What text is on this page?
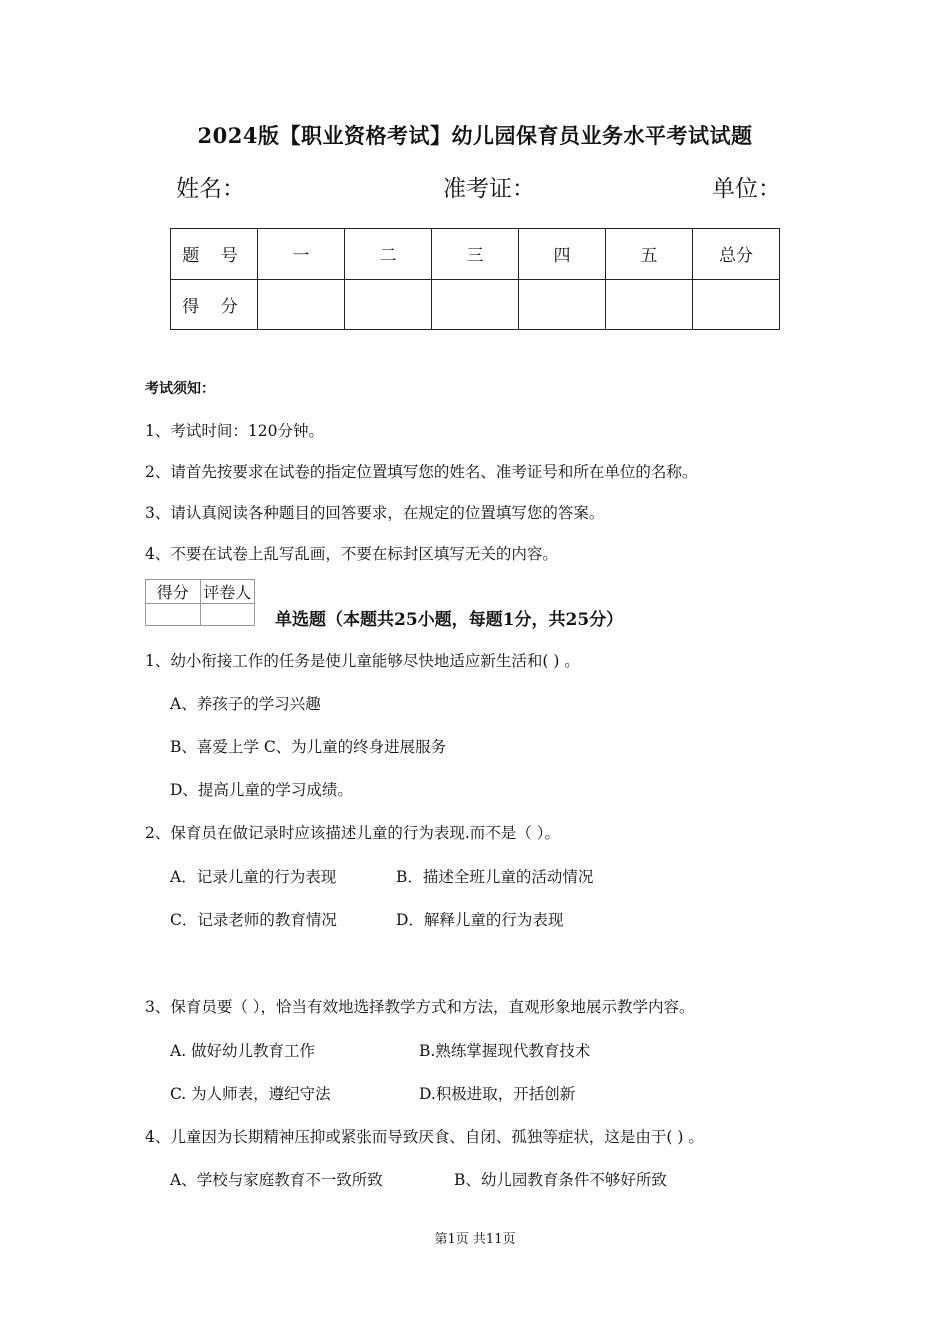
2024版【职业资格考试】幼儿园保育员业务水平考试试题
姓名：	准考证：	单位：
题 号	一	二	三	四	五	总分
得 分						
考试须知：
1、考试时间：120分钟。
2、请首先按要求在试卷的指定位置填写您的姓名、准考证号和所在单位的名称。
3、请认真阅读各种题目的回答要求，在规定的位置填写您的答案。
4、不要在试卷上乱写乱画，不要在标封区填写无关的内容。
得分	评卷人

单选题（本题共25小题，每题1分，共25分）
1、幼小衔接工作的任务是使儿童能够尽快地适应新生活和( ) 。
A、养孩子的学习兴趣
B、喜爱上学 C、为儿童的终身进展服务
D、提高儿童的学习成绩。
2、保育员在做记录时应该描述儿童的行为表现.而不是（ ）。
A．记录儿童的行为表现	B．描述全班儿童的活动情况
C．记录老师的教育情况	D．解释儿童的行为表现
3、保育员要（ ），恰当有效地选择教学方式和方法，直观形象地展示教学内容。
A. 做好幼儿教育工作	B.熟练掌握现代教育技术
C. 为人师表，遵纪守法	D.积极进取，开括创新
4、儿童因为长期精神压抑或紧张而导致厌食、自闭、孤独等症状，这是由于( ) 。
A、学校与家庭教育不一致所致	B、幼儿园教育条件不够好所致
第1页 共11页
